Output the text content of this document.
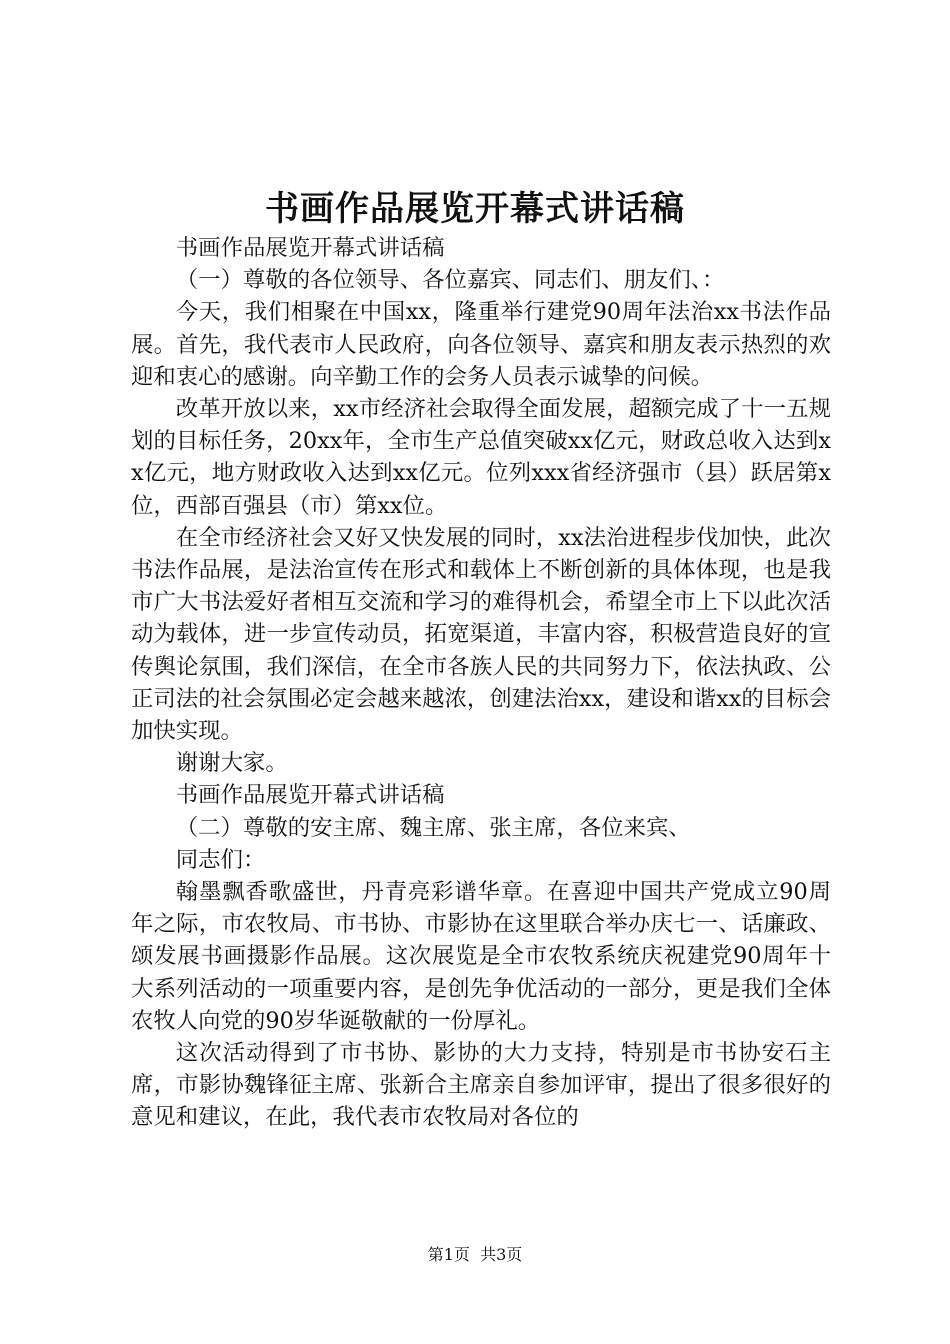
书画作品展览开幕式讲话稿

书画作品展览开幕式讲话稿

（一）尊敬的各位领导、各位嘉宾、同志们、朋友们、：

今天，我们相聚在中国xx，隆重举行建党90周年法治xx书法作品展。首先，我代表市人民政府，向各位领导、嘉宾和朋友表示热烈的欢迎和衷心的感谢。向辛勤工作的会务人员表示诚挚的问候。

改革开放以来，xx市经济社会取得全面发展，超额完成了十一五规划的目标任务，20xx年，全市生产总值突破xx亿元，财政总收入达到xx亿元，地方财政收入达到xx亿元。位列xxx省经济强市（县）跃居第x位，西部百强县（市）第xx位。

在全市经济社会又好又快发展的同时，xx法治进程步伐加快，此次书法作品展，是法治宣传在形式和载体上不断创新的具体体现，也是我市广大书法爱好者相互交流和学习的难得机会，希望全市上下以此次活动为载体，进一步宣传动员，拓宽渠道，丰富内容，积极营造良好的宣传舆论氛围，我们深信，在全市各族人民的共同努力下，依法执政、公正司法的社会氛围必定会越来越浓，创建法治xx，建设和谐xx的目标会加快实现。

谢谢大家。

书画作品展览开幕式讲话稿

（二）尊敬的安主席、魏主席、张主席，各位来宾、

同志们：

翰墨飘香歌盛世，丹青亮彩谱华章。在喜迎中国共产党成立90周年之际，市农牧局、市书协、市影协在这里联合举办庆七一、话廉政、颂发展书画摄影作品展。这次展览是全市农牧系统庆祝建党90周年十大系列活动的一项重要内容，是创先争优活动的一部分，更是我们全体农牧人向党的90岁华诞敬献的一份厚礼。

这次活动得到了市书协、影协的大力支持，特别是市书协安石主席，市影协魏锋征主席、张新合主席亲自参加评审，提出了很多很好的意见和建议，在此，我代表市农牧局对各位的

第1页 共3页
